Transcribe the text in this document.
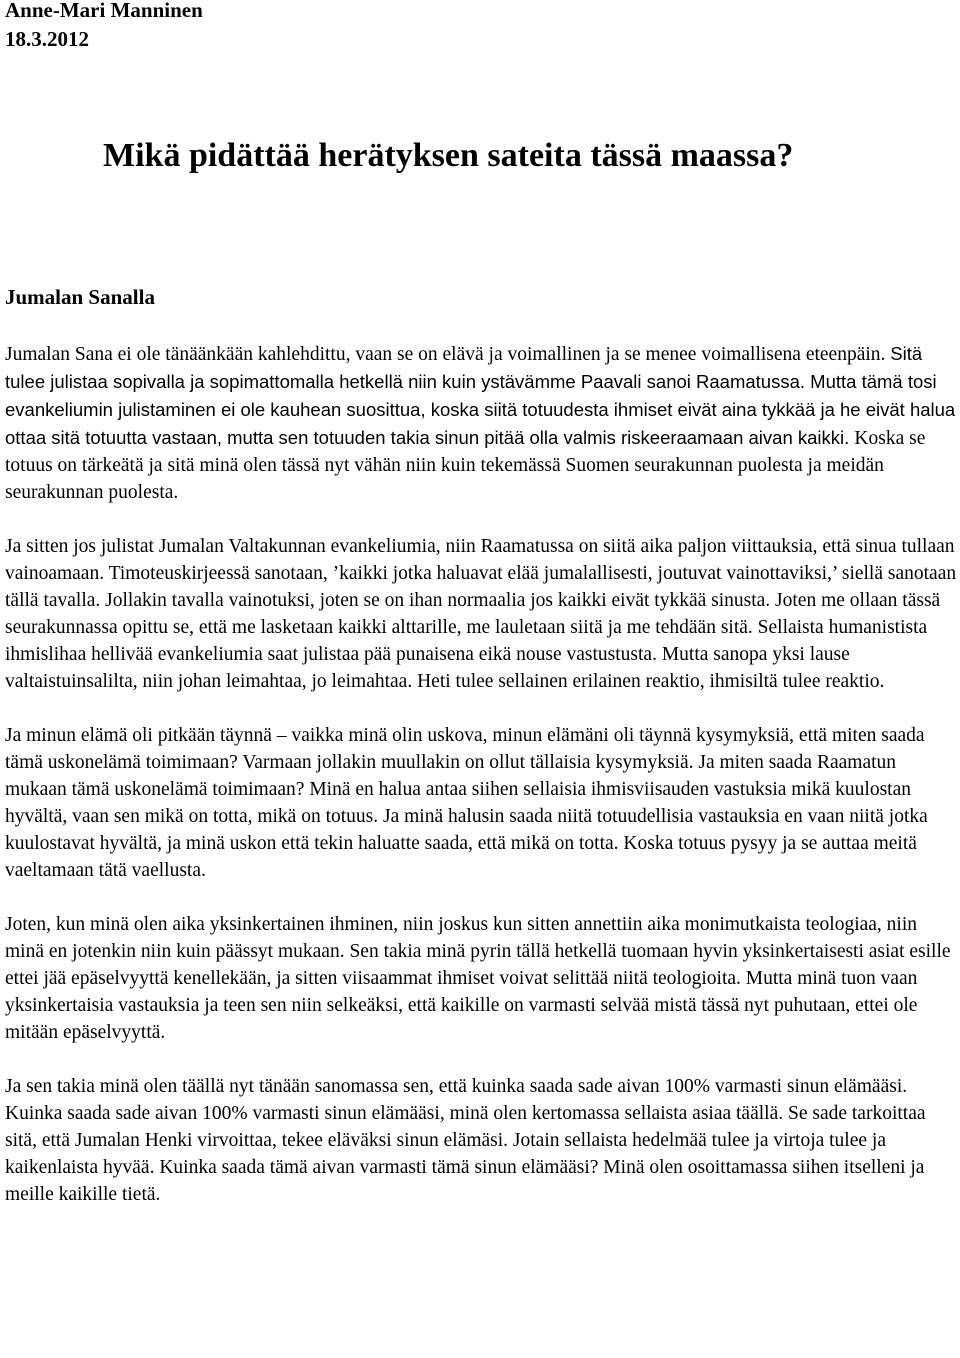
Anne-Mari Manninen
18.3.2012
Mikä pidättää herätyksen sateita tässä maassa?
Jumalan Sanalla

Jumalan Sana ei ole tänäänkään kahlehdittu, vaan se on elävä ja voimallinen ja se menee voimallisena eteenpäin. Sitä tulee julistaa sopivalla ja sopimattomalla hetkellä niin kuin ystävämme Paavali sanoi Raamatussa. Mutta tämä tosi evankeliumin julistaminen ei ole kauhean suosittua, koska siitä totuudesta ihmiset eivät aina tykkää ja he eivät halua ottaa sitä totuutta vastaan, mutta sen totuuden takia sinun pitää olla valmis riskeeraamaan aivan kaikki. Koska se totuus on tärkeätä ja sitä minä olen tässä nyt vähän niin kuin tekemässä Suomen seurakunnan puolesta ja meidän seurakunnan puolesta.

Ja sitten jos julistat Jumalan Valtakunnan evankeliumia, niin Raamatussa on siitä aika paljon viittauksia, että sinua tullaan vainoamaan. Timoteuskirjeessä sanotaan, ’kaikki jotka haluavat elää jumalallisesti, joutuvat vainottaviksi,’ siellä sanotaan tällä tavalla. Jollakin tavalla vainotuksi, joten se on ihan normaalia jos kaikki eivät tykkää sinusta. Joten me ollaan tässä seurakunnassa opittu se, että me lasketaan kaikki alttarille, me lauletaan siitä ja me tehdään sitä. Sellaista humanistista ihmislihaa hellivää evankeliumia saat julistaa pää punaisena eikä nouse vastustusta. Mutta sanopa yksi lause valtaistuinsalilta, niin johan leimahtaa, jo leimahtaa. Heti tulee sellainen erilainen reaktio, ihmisiltä tulee reaktio.

Ja minun elämä oli pitkään täynnä – vaikka minä olin uskova, minun elämäni oli täynnä kysymyksiä, että miten saada tämä uskonelämä toimimaan? Varmaan jollakin muullakin on ollut tällaisia kysymyksiä. Ja miten saada Raamatun mukaan tämä uskonelämä toimimaan? Minä en halua antaa siihen sellaisia ihmisviisauden vastuksia mikä kuulostan hyvältä, vaan sen mikä on totta, mikä on totuus. Ja minä halusin saada niitä totuudellisia vastauksia en vaan niitä jotka kuulostavat hyvältä, ja minä uskon että tekin haluatte saada, että mikä on totta. Koska totuus pysyy ja se auttaa meitä vaeltamaan tätä vaellusta.

Joten, kun minä olen aika yksinkertainen ihminen, niin joskus kun sitten annettiin aika monimutkaista teologiaa, niin minä en jotenkin niin kuin päässyt mukaan. Sen takia minä pyrin tällä hetkellä tuomaan hyvin yksinkertaisesti asiat esille ettei jää epäselvyyttä kenellekään, ja sitten viisaammat ihmiset voivat selittää niitä teologioita. Mutta minä tuon vaan yksinkertaisia vastauksia ja teen sen niin selkeäksi, että kaikille on varmasti selvää mistä tässä nyt puhutaan, ettei ole mitään epäselvyyttä.

Ja sen takia minä olen täällä nyt tänään sanomassa sen, että kuinka saada sade aivan 100% varmasti sinun elämääsi. Kuinka saada sade aivan 100% varmasti sinun elämääsi, minä olen kertomassa sellaista asiaa täällä. Se sade tarkoittaa sitä, että Jumalan Henki virvoittaa, tekee eläväksi sinun elämäsi. Jotain sellaista hedelmää tulee ja virtoja tulee ja kaikenlaista hyvää. Kuinka saada tämä aivan varmasti tämä sinun elämääsi? Minä olen osoittamassa siihen itselleni ja meille kaikille tietä.
